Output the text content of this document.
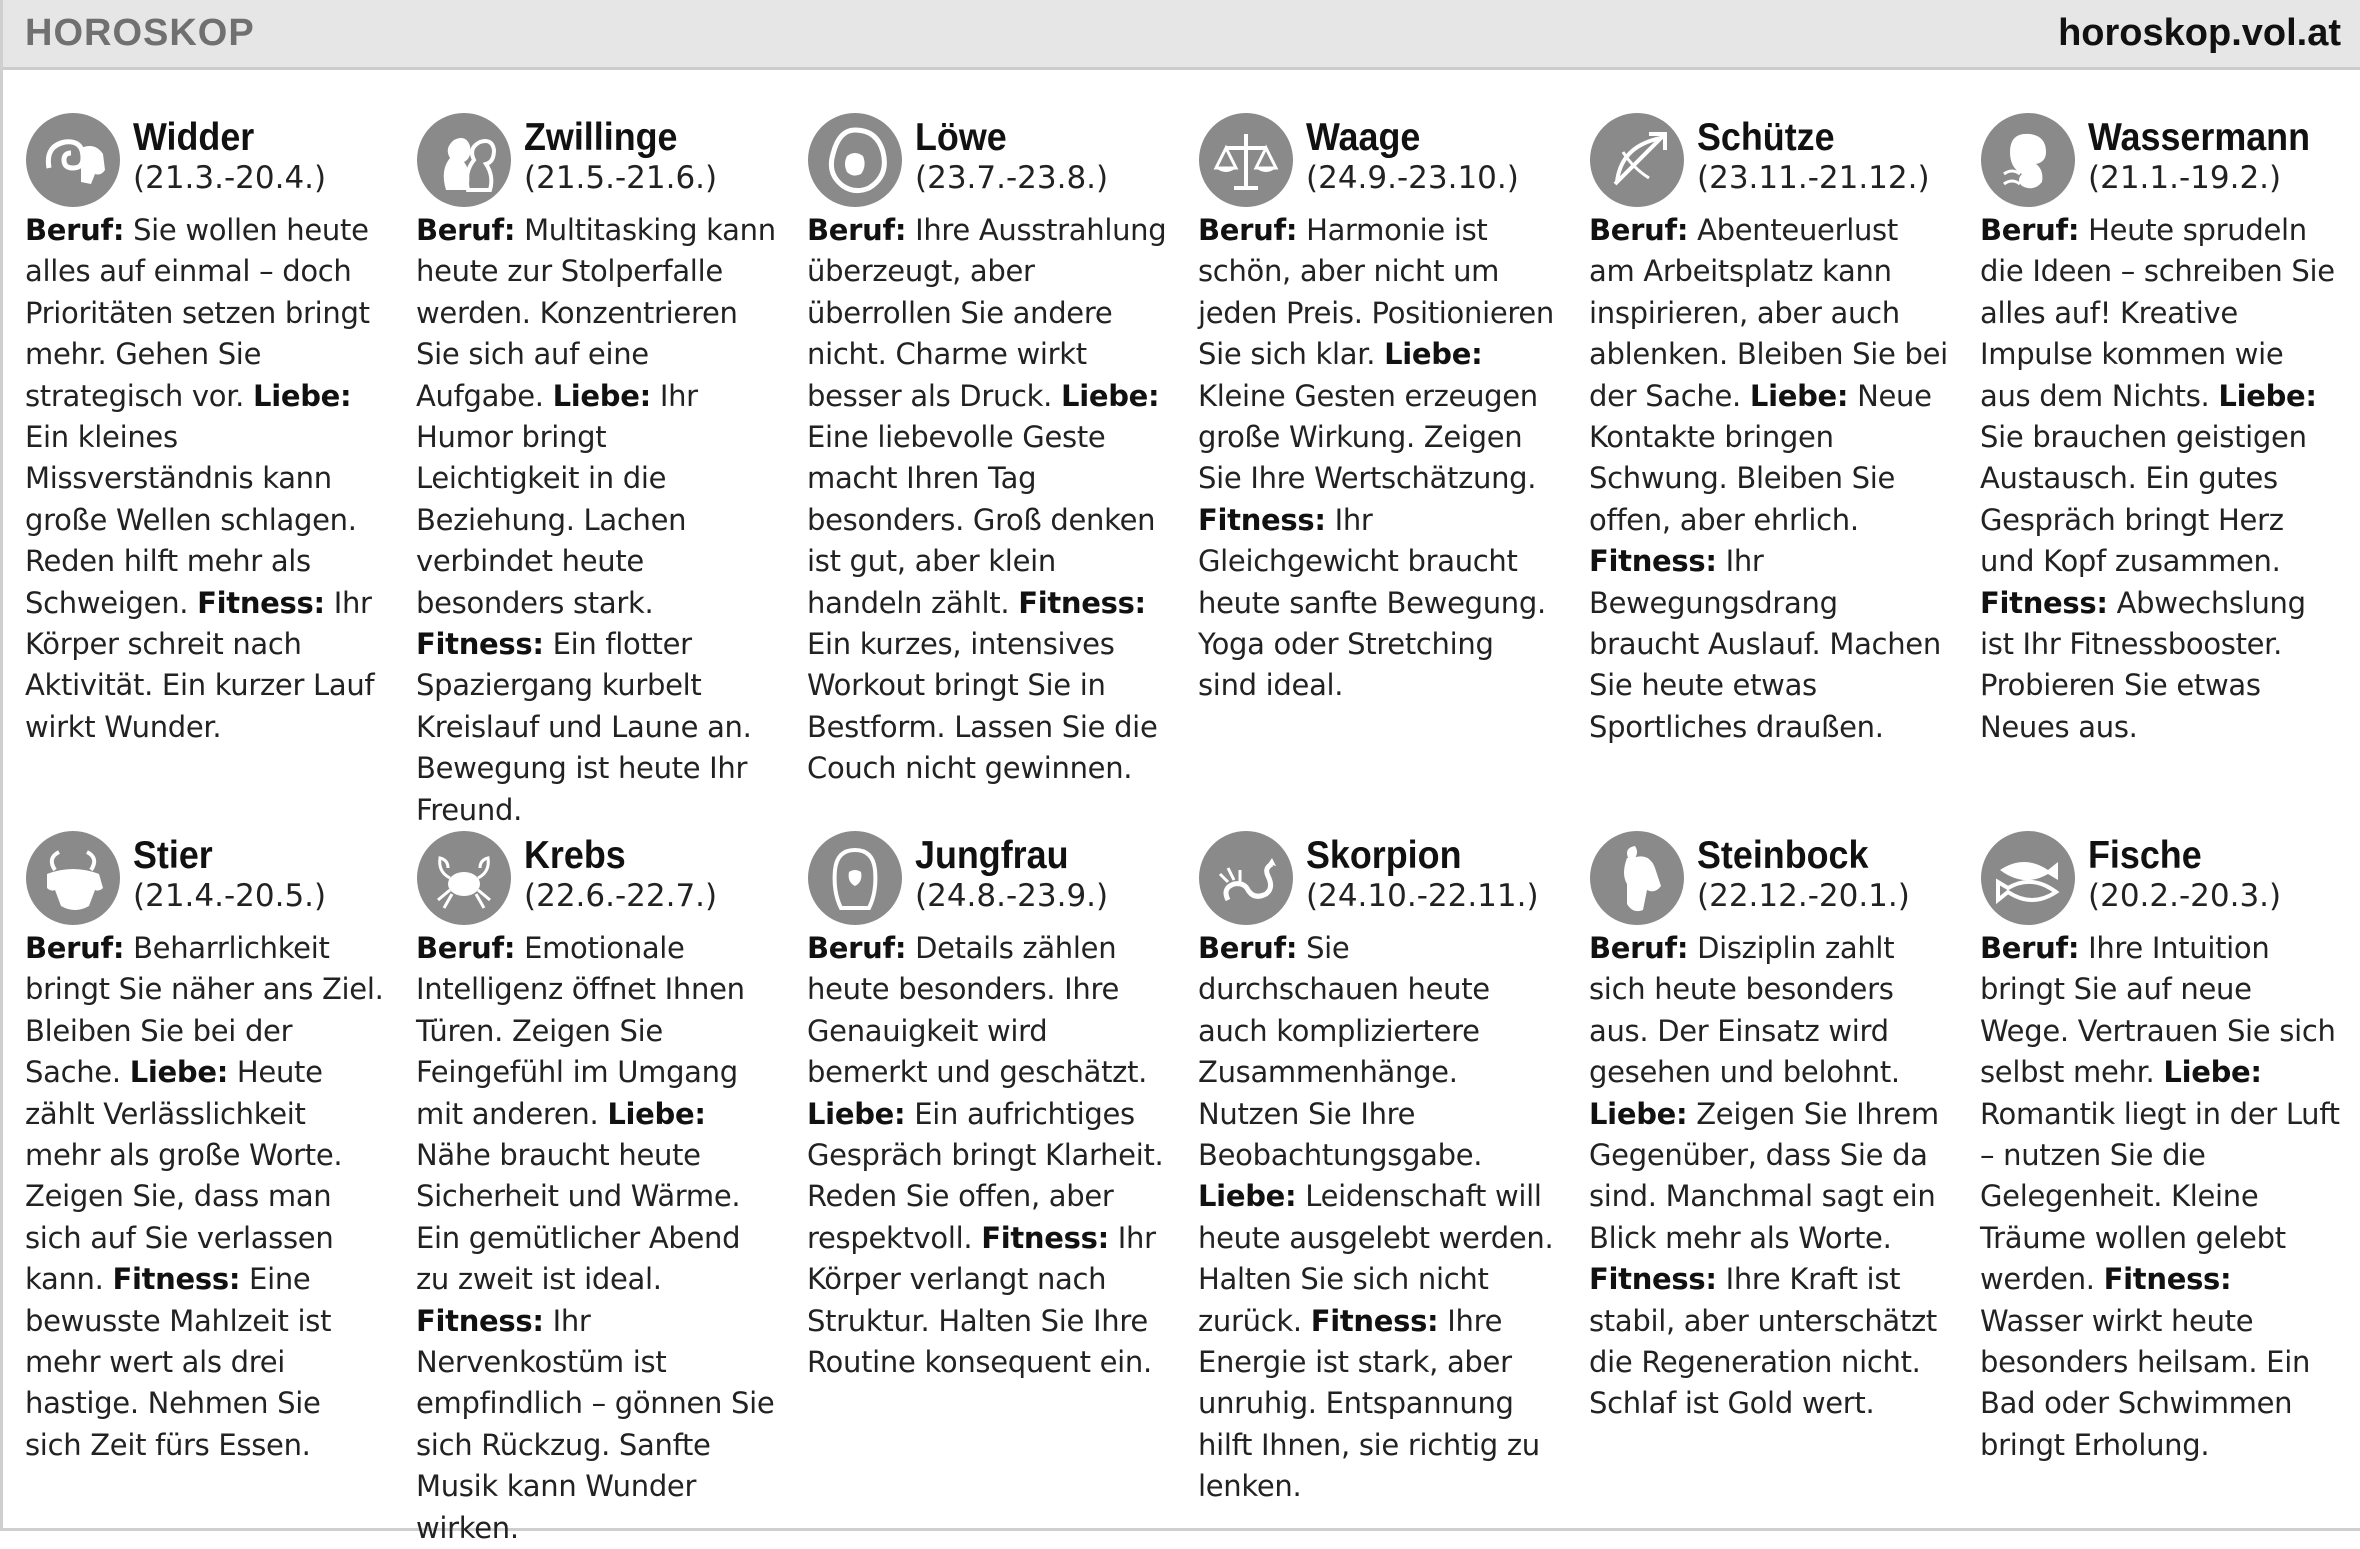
HOROSKOP	horoskop.vol.at
Widder
(21.3.-20.4.)
Beruf: Sie wollen heute alles auf einmal – doch Prioritäten setzen bringt mehr. Gehen Sie strategisch vor. Liebe: Ein kleines Missverständnis kann große Wellen schlagen. Reden hilft mehr als Schweigen. Fitness: Ihr Körper schreit nach Aktivität. Ein kurzer Lauf wirkt Wunder.
Zwillinge
(21.5.-21.6.)
Beruf: Multitasking kann heute zur Stolperfalle werden. Konzentrieren Sie sich auf eine Aufgabe. Liebe: Ihr Humor bringt Leichtigkeit in die Beziehung. Lachen verbindet heute besonders stark. Fitness: Ein flotter Spaziergang kurbelt Kreislauf und Laune an. Bewegung ist heute Ihr Freund.
Löwe
(23.7.-23.8.)
Beruf: Ihre Ausstrahlung überzeugt, aber überrollen Sie andere nicht. Charme wirkt besser als Druck. Liebe: Eine liebevolle Geste macht Ihren Tag besonders. Groß denken ist gut, aber klein handeln zählt. Fitness: Ein kurzes, intensives Workout bringt Sie in Bestform. Lassen Sie die Couch nicht gewinnen.
Waage
(24.9.-23.10.)
Beruf: Harmonie ist schön, aber nicht um jeden Preis. Positionieren Sie sich klar. Liebe: Kleine Gesten erzeugen große Wirkung. Zeigen Sie Ihre Wertschätzung. Fitness: Ihr Gleichgewicht braucht heute sanfte Bewegung. Yoga oder Stretching sind ideal.
Schütze
(23.11.-21.12.)
Beruf: Abenteuerlust am Arbeitsplatz kann inspirieren, aber auch ablenken. Bleiben Sie bei der Sache. Liebe: Neue Kontakte bringen Schwung. Bleiben Sie offen, aber ehrlich. Fitness: Ihr Bewegungsdrang braucht Auslauf. Machen Sie heute etwas Sportliches draußen.
Wassermann
(21.1.-19.2.)
Beruf: Heute sprudeln die Ideen – schreiben Sie alles auf! Kreative Impulse kommen wie aus dem Nichts. Liebe: Sie brauchen geistigen Austausch. Ein gutes Gespräch bringt Herz und Kopf zusammen. Fitness: Abwechslung ist Ihr Fitnessbooster. Probieren Sie etwas Neues aus.
Stier
(21.4.-20.5.)
Beruf: Beharrlichkeit bringt Sie näher ans Ziel. Bleiben Sie bei der Sache. Liebe: Heute zählt Verlässlichkeit mehr als große Worte. Zeigen Sie, dass man sich auf Sie verlassen kann. Fitness: Eine bewusste Mahlzeit ist mehr wert als drei hastige. Nehmen Sie sich Zeit fürs Essen.
Krebs
(22.6.-22.7.)
Beruf: Emotionale Intelligenz öffnet Ihnen Türen. Zeigen Sie Feingefühl im Umgang mit anderen. Liebe: Nähe braucht heute Sicherheit und Wärme. Ein gemütlicher Abend zu zweit ist ideal. Fitness: Ihr Nervenkostüm ist empfindlich – gönnen Sie sich Rückzug. Sanfte Musik kann Wunder wirken.
Jungfrau
(24.8.-23.9.)
Beruf: Details zählen heute besonders. Ihre Genauigkeit wird bemerkt und geschätzt. Liebe: Ein aufrichtiges Gespräch bringt Klarheit. Reden Sie offen, aber respektvoll. Fitness: Ihr Körper verlangt nach Struktur. Halten Sie Ihre Routine konsequent ein.
Skorpion
(24.10.-22.11.)
Beruf: Sie durchschauen heute auch kompliziertere Zusammenhänge. Nutzen Sie Ihre Beobachtungsgabe. Liebe: Leidenschaft will heute ausgelebt werden. Halten Sie sich nicht zurück. Fitness: Ihre Energie ist stark, aber unruhig. Entspannung hilft Ihnen, sie richtig zu lenken.
Steinbock
(22.12.-20.1.)
Beruf: Disziplin zahlt sich heute besonders aus. Der Einsatz wird gesehen und belohnt. Liebe: Zeigen Sie Ihrem Gegenüber, dass Sie da sind. Manchmal sagt ein Blick mehr als Worte. Fitness: Ihre Kraft ist stabil, aber unterschätzt die Regeneration nicht. Schlaf ist Gold wert.
Fische
(20.2.-20.3.)
Beruf: Ihre Intuition bringt Sie auf neue Wege. Vertrauen Sie sich selbst mehr. Liebe: Romantik liegt in der Luft – nutzen Sie die Gelegenheit. Kleine Träume wollen gelebt werden. Fitness: Wasser wirkt heute besonders heilsam. Ein Bad oder Schwimmen bringt Erholung.
